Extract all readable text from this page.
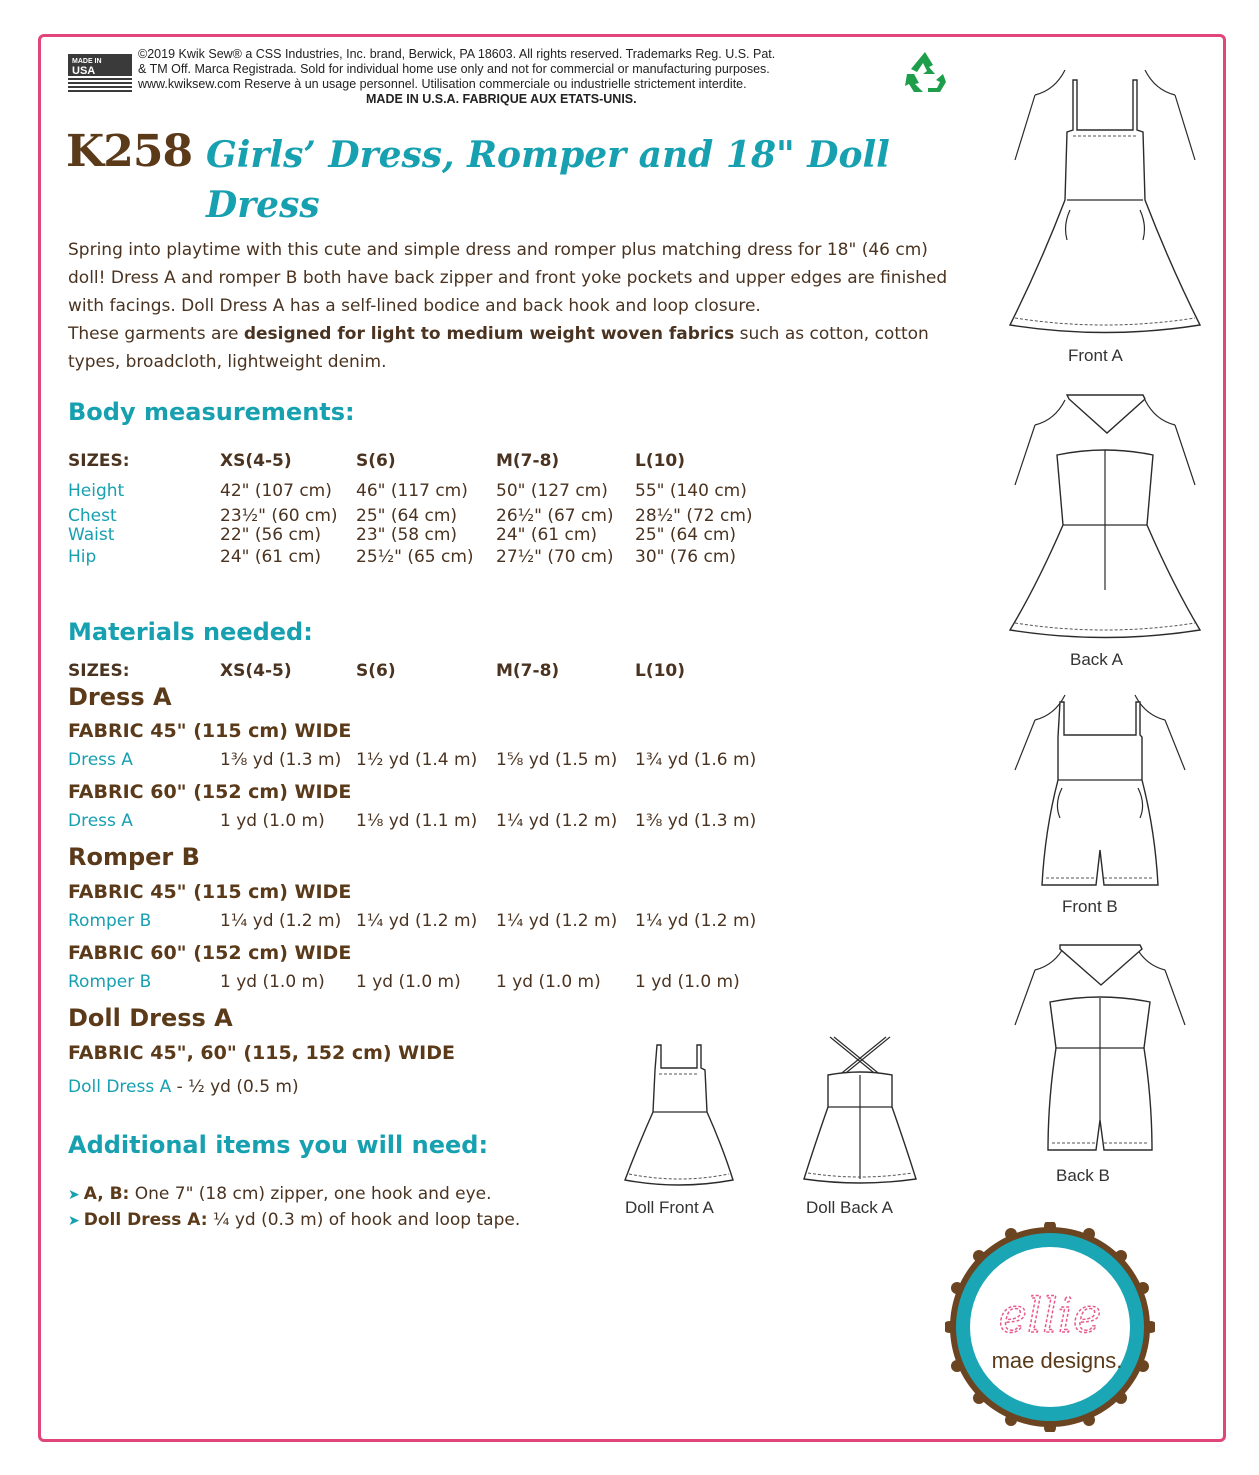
MADE IN
USA
©2019 Kwik Sew® a CSS Industries, Inc. brand, Berwick, PA 18603. All rights reserved. Trademarks Reg. U.S. Pat.
& TM Off. Marca Registrada. Sold for individual home use only and not for commercial or manufacturing purposes.
www.kwiksew.com Reserve à un usage personnel. Utilisation commerciale ou industrielle strictement interdite.
MADE IN U.S.A. FABRIQUE AUX ETATS-UNIS.
K258 Girls’ Dress, Romper and 18" Doll Dress

Spring into playtime with this cute and simple dress and romper plus matching dress for 18" (46 cm) doll! Dress A and romper B both have back zipper and front yoke pockets and upper edges are finished with facings. Doll Dress A has a self-lined bodice and back hook and loop closure.

These garments are designed for light to medium weight woven fabrics such as cotton, cotton types, broadcloth, lightweight denim.

Body measurements:
SIZES:	XS(4-5)	S(6)	M(7-8)	L(10)
Height	42" (107 cm) 46" (117 cm) 50" (127 cm) 55" (140 cm)
Chest	23½" (60 cm) 25" (64 cm) 26½" (67 cm) 28½" (72 cm)
Waist	22" (56 cm) 23" (58 cm) 24" (61 cm) 25" (64 cm)
Hip	24" (61 cm) 25½" (65 cm) 27½" (70 cm) 30" (76 cm)
Materials needed:
SIZES:	XS(4-5)	S(6)	M(7-8)	L(10)
Dress A
FABRIC 45" (115 cm) WIDE
Dress A	1⅜ yd (1.3 m) 1½ yd (1.4 m) 1⅝ yd (1.5 m) 1¾ yd (1.6 m)
FABRIC 60" (152 cm) WIDE
Dress A	1 yd (1.0 m) 1⅛ yd (1.1 m) 1¼ yd (1.2 m) 1⅜ yd (1.3 m)
Romper B
FABRIC 45" (115 cm) WIDE
Romper B	1¼ yd (1.2 m) 1¼ yd (1.2 m) 1¼ yd (1.2 m) 1¼ yd (1.2 m)
FABRIC 60" (152 cm) WIDE
Romper B	1 yd (1.0 m) 1 yd (1.0 m) 1 yd (1.0 m) 1 yd (1.0 m)
Doll Dress A
FABRIC 45", 60" (115, 152 cm) WIDE
Doll Dress A - ½ yd (0.5 m)
Additional items you will need:
➤ A, B: One 7" (18 cm) zipper, one hook and eye.
➤ Doll Dress A: ¼ yd (0.3 m) of hook and loop tape.
Front A
Back A
Front B
Back B
Doll Front A	Doll Back A
ellie
mae designs.
